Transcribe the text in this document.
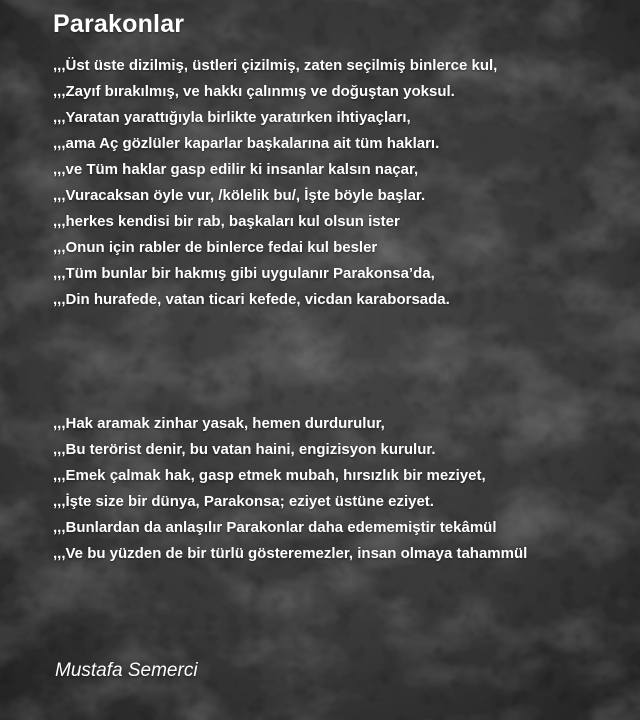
Parakonlar
,,,Üst üste dizilmiş, üstleri çizilmiş, zaten seçilmiş binlerce kul,
,,,Zayıf bırakılmış, ve hakkı çalınmış ve doğuştan yoksul.
,,,Yaratan yarattığıyla birlikte yaratırken ihtiyaçları,
,,,ama Aç gözlüler kaparlar başkalarına ait tüm hakları.
,,,ve Tüm haklar gasp edilir ki insanlar kalsın naçar,
,,,Vuracaksan öyle vur, /kölelik bu/, İşte böyle başlar.
,,,herkes kendisi bir rab, başkaları kul olsun ister
,,,Onun için rabler de binlerce fedai kul besler
,,,Tüm bunlar bir hakmış gibi uygulanır Parakonsa’da,
,,,Din hurafede, vatan ticari kefede, vicdan karaborsada.
,,,Hak aramak zinhar yasak, hemen durdurulur,
,,,Bu terörist denir, bu vatan haini, engizisyon kurulur.
,,,Emek çalmak hak, gasp etmek mubah, hırsızlık bir meziyet,
,,,İşte size bir dünya, Parakonsa; eziyet üstüne eziyet.
,,,Bunlardan da anlaşılır Parakonlar daha edememiştir tekâmül
,,,Ve bu yüzden de bir türlü gösteremezler, insan olmaya tahammül
Mustafa Semerci
